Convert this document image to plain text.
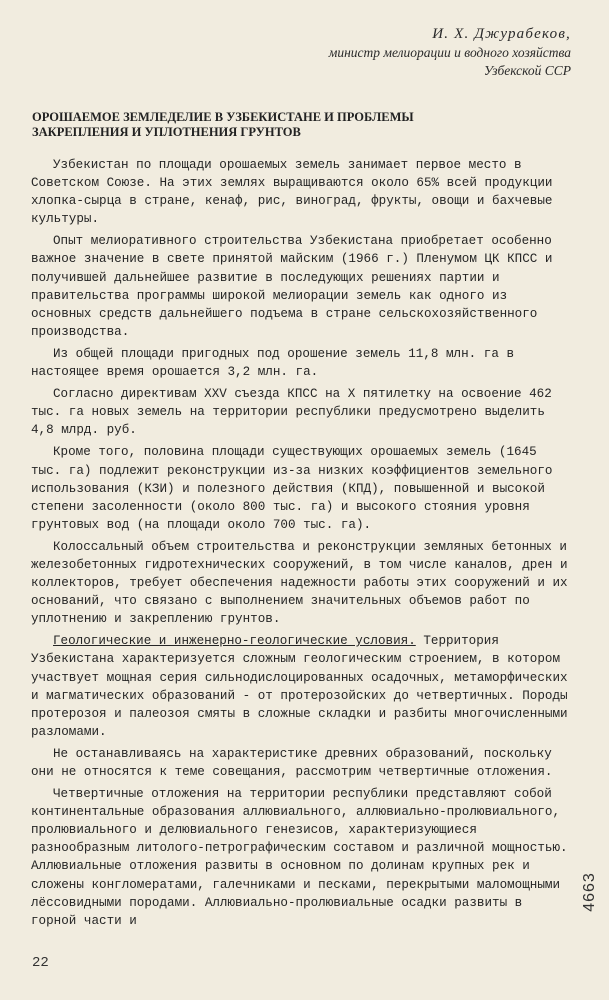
И. Х. Джурабеков,
министр мелиорации и водного хозяйства
Узбекской ССР
ОРОШАЕМОЕ ЗЕМЛЕДЕЛИЕ В УЗБЕКИСТАНЕ И ПРОБЛЕМЫ
ЗАКРЕПЛЕНИЯ И УПЛОТНЕНИЯ ГРУНТОВ

Узбекистан по площади орошаемых земель занимает первое место в Советском Союзе. На этих землях выращиваются около 65% всей продукции хлопка-сырца в стране, кенаф, рис, виноград, фрукты, овощи и бахчевые культуры.

Опыт мелиоративного строительства Узбекистана приобретает особенно важное значение в свете принятой майским (1966 г.) Пленумом ЦК КПСС и получившей дальнейшее развитие в последующих решениях партии и правительства программы широкой мелиорации земель как одного из основных средств дальнейшего подъема в стране сельскохозяйственного производства.

Из общей площади пригодных под орошение земель 11,8 млн. га в настоящее время орошается 3,2 млн. га.

Согласно директивам XXV съезда КПСС на X пятилетку на освоение 462 тыс. га новых земель на территории республики предусмотрено выделить 4,8 млрд. руб.

Кроме того, половина площади существующих орошаемых земель (1645 тыс. га) подлежит реконструкции из-за низких коэффициентов земельного использования (КЗИ) и полезного действия (КПД), повышенной и высокой степени засоленности (около 800 тыс. га) и высокого стояния уровня грунтовых вод (на площади около 700 тыс. га).

Колоссальный объем строительства и реконструкции земляных бетонных и железобетонных гидротехнических сооружений, в том числе каналов, дрен и коллекторов, требует обеспечения надежности работы этих сооружений и их оснований, что связано с выполнением значительных объемов работ по уплотнению и закреплению грунтов.

Геологические и инженерно-геологические условия. Территория Узбекистана характеризуется сложным геологическим строением, в котором участвует мощная серия сильнодислоцированных осадочных, метаморфических и магматических образований - от протерозойских до четвертичных. Породы протерозоя и палеозоя смяты в сложные складки и разбиты многочисленными разломами.

Не останавливаясь на характеристике древних образований, поскольку они не относятся к теме совещания, рассмотрим четвертичные отложения.

Четвертичные отложения на территории республики представляют собой континентальные образования аллювиального, аллювиально-пролювиального, пролювиального и делювиального генезисов, характеризующиеся разнообразным литолого-петрографическим составом и различной мощностью. Аллювиальные отложения развиты в основном по долинам крупных рек и сложены конгломератами, галечниками и песками, перекрытыми маломощными лёссовидными породами. Аллювиально-пролювиальные осадки развиты в горной части и

22
4663
